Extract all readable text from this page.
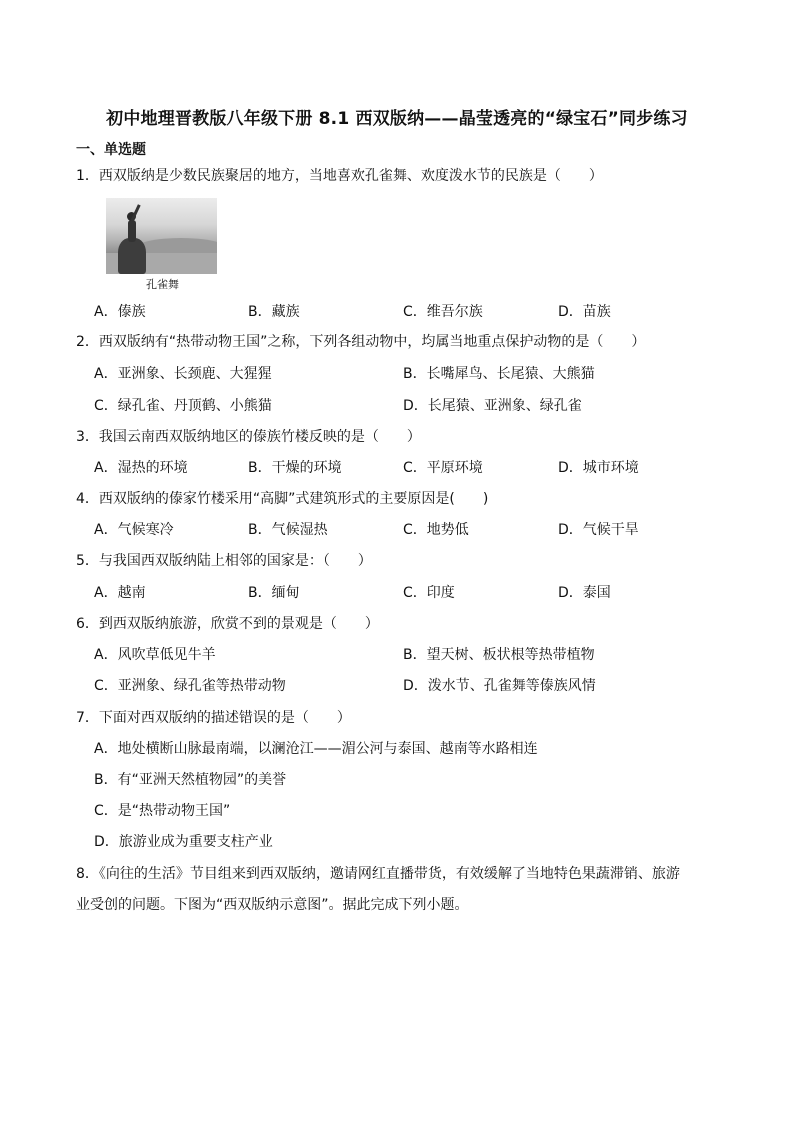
初中地理晋教版八年级下册 8.1 西双版纳——晶莹透亮的“绿宝石”同步练习
一、单选题
1．西双版纳是少数民族聚居的地方，当地喜欢孔雀舞、欢度泼水节的民族是（　　）
孔雀舞
A．傣族	B．藏族	C．维吾尔族	D．苗族
2．西双版纳有“热带动物王国”之称，下列各组动物中，均属当地重点保护动物的是（　　）
A．亚洲象、长颈鹿、大猩猩	B．长嘴犀鸟、长尾猿、大熊猫
C．绿孔雀、丹顶鹤、小熊猫	D．长尾猿、亚洲象、绿孔雀
3．我国云南西双版纳地区的傣族竹楼反映的是（　　）
A．湿热的环境	B．干燥的环境	C．平原环境	D．城市环境
4．西双版纳的傣家竹楼采用“高脚”式建筑形式的主要原因是(　　)
A．气候寒冷	B．气候湿热	C．地势低	D．气候干旱
5．与我国西双版纳陆上相邻的国家是：（　　）
A．越南	B．缅甸	C．印度	D．泰国
6．到西双版纳旅游，欣赏不到的景观是（　　）
A．风吹草低见牛羊	B．望天树、板状根等热带植物
C．亚洲象、绿孔雀等热带动物	D．泼水节、孔雀舞等傣族风情
7．下面对西双版纳的描述错误的是（　　）
A．地处横断山脉最南端，以澜沧江——湄公河与泰国、越南等水路相连
B．有“亚洲天然植物园”的美誉
C．是“热带动物王国”
D．旅游业成为重要支柱产业
8．《向往的生活》节目组来到西双版纳，邀请网红直播带货，有效缓解了当地特色果蔬滞销、旅游
业受创的问题。下图为“西双版纳示意图”。据此完成下列小题。
